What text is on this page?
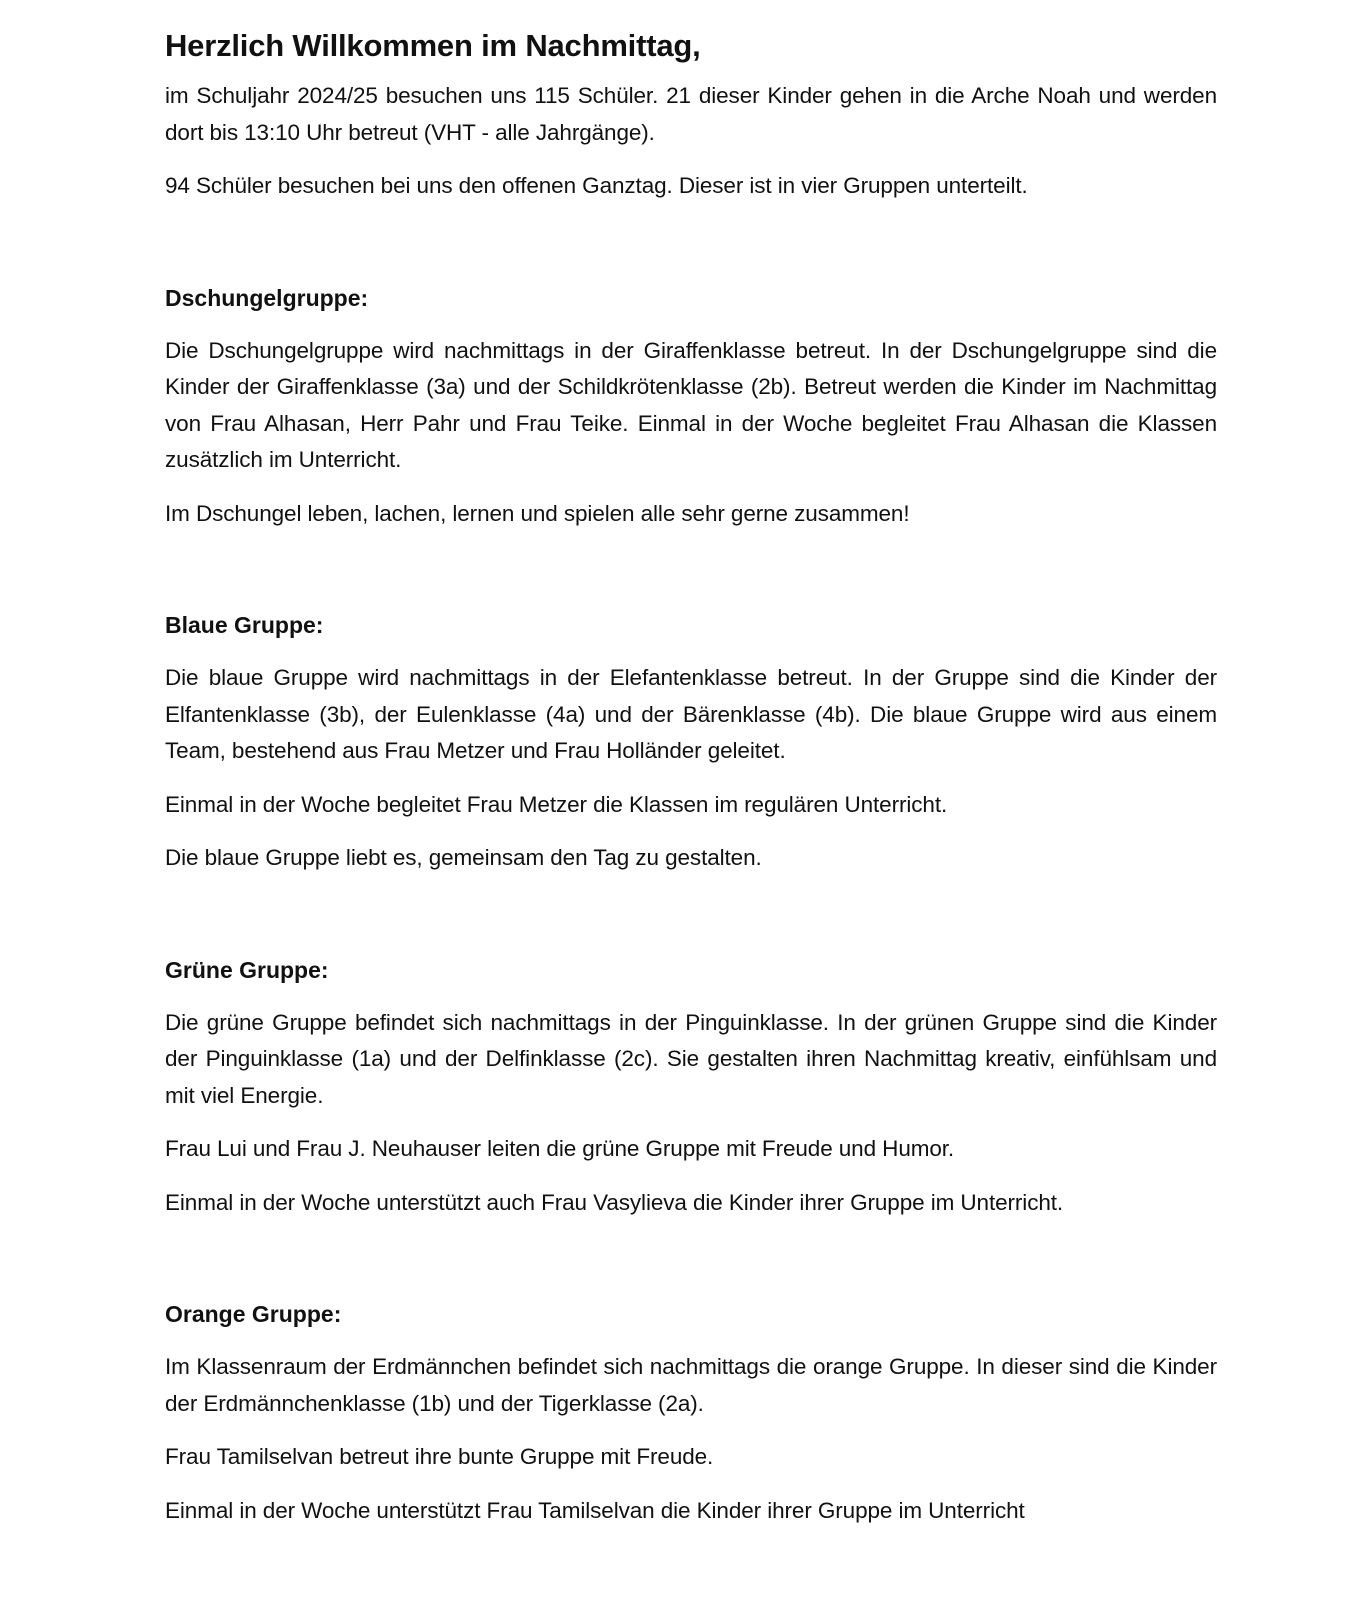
Herzlich Willkommen im Nachmittag,

im Schuljahr 2024/25 besuchen uns 115 Schüler. 21 dieser Kinder gehen in die Arche Noah und werden dort bis 13:10 Uhr betreut (VHT - alle Jahrgänge).

94 Schüler besuchen bei uns den offenen Ganztag. Dieser ist in vier Gruppen unterteilt.

Dschungelgruppe:

Die Dschungelgruppe wird nachmittags in der Giraffenklasse betreut. In der Dschungelgruppe sind die Kinder der Giraffenklasse (3a) und der Schildkrötenklasse (2b). Betreut werden die Kinder im Nachmittag von Frau Alhasan, Herr Pahr und Frau Teike. Einmal in der Woche begleitet Frau Alhasan die Klassen zusätzlich im Unterricht.

Im Dschungel leben, lachen, lernen und spielen alle sehr gerne zusammen!

Blaue Gruppe:

Die blaue Gruppe wird nachmittags in der Elefantenklasse betreut. In der Gruppe sind die Kinder der Elfantenklasse (3b), der Eulenklasse (4a) und der Bärenklasse (4b). Die blaue Gruppe wird aus einem Team, bestehend aus Frau Metzer und Frau Holländer geleitet.

Einmal in der Woche begleitet Frau Metzer die Klassen im regulären Unterricht.

Die blaue Gruppe liebt es, gemeinsam den Tag zu gestalten.

Grüne Gruppe:

Die grüne Gruppe befindet sich nachmittags in der Pinguinklasse. In der grünen Gruppe sind die Kinder der Pinguinklasse (1a) und der Delfinklasse (2c). Sie gestalten ihren Nachmittag kreativ, einfühlsam und mit viel Energie.

Frau Lui und Frau J. Neuhauser leiten die grüne Gruppe mit Freude und Humor.

Einmal in der Woche unterstützt auch Frau Vasylieva die Kinder ihrer Gruppe im Unterricht.

Orange Gruppe:

Im Klassenraum der Erdmännchen befindet sich nachmittags die orange Gruppe. In dieser sind die Kinder der Erdmännchenklasse (1b) und der Tigerklasse (2a).

Frau Tamilselvan betreut ihre bunte Gruppe mit Freude.

Einmal in der Woche unterstützt Frau Tamilselvan die Kinder ihrer Gruppe im Unterricht
